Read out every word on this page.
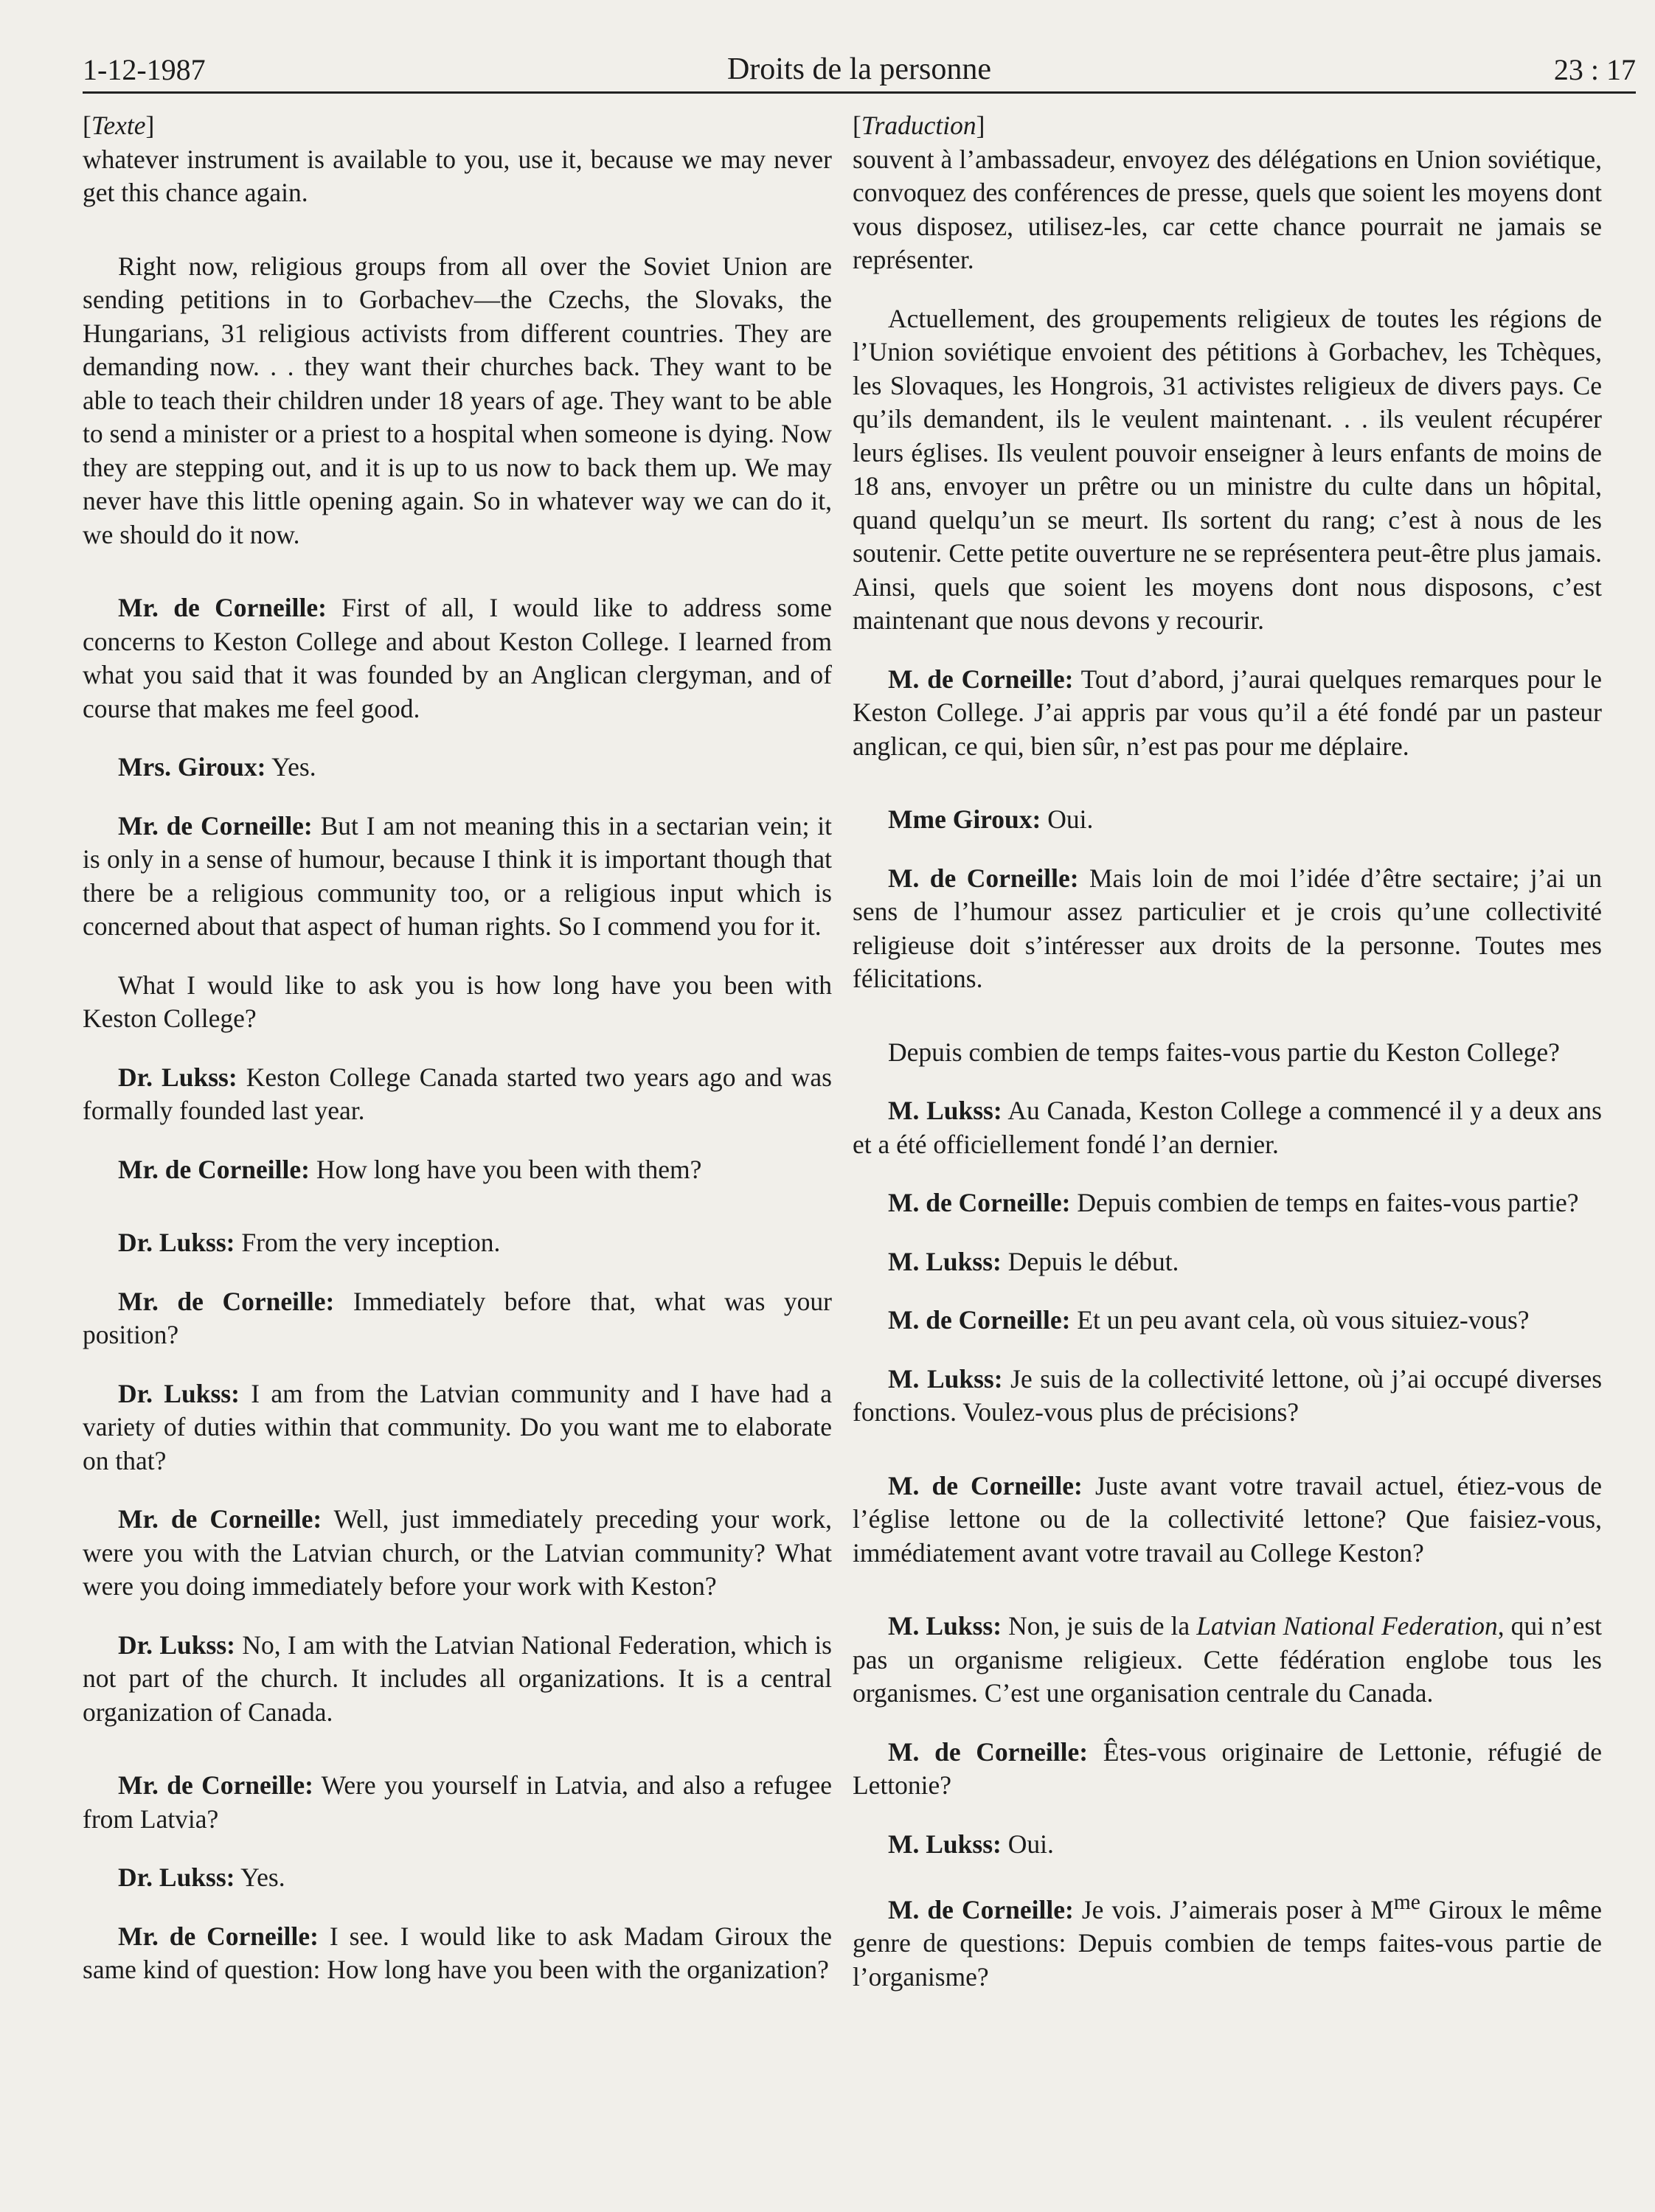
1-12-1987	Droits de la personne	23 : 17

[Texte]

whatever instrument is available to you, use it, because we may never get this chance again.

Right now, religious groups from all over the Soviet Union are sending petitions in to Gorbachev—the Czechs, the Slovaks, the Hungarians, 31 religious activists from different countries. They are demanding now. . . they want their churches back. They want to be able to teach their children under 18 years of age. They want to be able to send a minister or a priest to a hospital when someone is dying. Now they are stepping out, and it is up to us now to back them up. We may never have this little opening again. So in whatever way we can do it, we should do it now.

Mr. de Corneille: First of all, I would like to address some concerns to Keston College and about Keston College. I learned from what you said that it was founded by an Anglican clergyman, and of course that makes me feel good.

Mrs. Giroux: Yes.

Mr. de Corneille: But I am not meaning this in a sectarian vein; it is only in a sense of humour, because I think it is important though that there be a religious community too, or a religious input which is concerned about that aspect of human rights. So I commend you for it.

What I would like to ask you is how long have you been with Keston College?

Dr. Lukss: Keston College Canada started two years ago and was formally founded last year.

Mr. de Corneille: How long have you been with them?

Dr. Lukss: From the very inception.

Mr. de Corneille: Immediately before that, what was your position?

Dr. Lukss: I am from the Latvian community and I have had a variety of duties within that community. Do you want me to elaborate on that?

Mr. de Corneille: Well, just immediately preceding your work, were you with the Latvian church, or the Latvian community? What were you doing immediately before your work with Keston?

Dr. Lukss: No, I am with the Latvian National Federation, which is not part of the church. It includes all organizations. It is a central organization of Canada.

Mr. de Corneille: Were you yourself in Latvia, and also a refugee from Latvia?

Dr. Lukss: Yes.

Mr. de Corneille: I see. I would like to ask Madam Giroux the same kind of question: How long have you been with the organization?

[Traduction]

souvent à l’ambassadeur, envoyez des délégations en Union soviétique, convoquez des conférences de presse, quels que soient les moyens dont vous disposez, utilisez-les, car cette chance pourrait ne jamais se représenter.

Actuellement, des groupements religieux de toutes les régions de l’Union soviétique envoient des pétitions à Gorbachev, les Tchèques, les Slovaques, les Hongrois, 31 activistes religieux de divers pays. Ce qu’ils demandent, ils le veulent maintenant. . . ils veulent récupérer leurs églises. Ils veulent pouvoir enseigner à leurs enfants de moins de 18 ans, envoyer un prêtre ou un ministre du culte dans un hôpital, quand quelqu’un se meurt. Ils sortent du rang; c’est à nous de les soutenir. Cette petite ouverture ne se représentera peut-être plus jamais. Ainsi, quels que soient les moyens dont nous disposons, c’est maintenant que nous devons y recourir.

M. de Corneille: Tout d’abord, j’aurai quelques remarques pour le Keston College. J’ai appris par vous qu’il a été fondé par un pasteur anglican, ce qui, bien sûr, n’est pas pour me déplaire.

Mme Giroux: Oui.

M. de Corneille: Mais loin de moi l’idée d’être sectaire; j’ai un sens de l’humour assez particulier et je crois qu’une collectivité religieuse doit s’intéresser aux droits de la personne. Toutes mes félicitations.

Depuis combien de temps faites-vous partie du Keston College?

M. Lukss: Au Canada, Keston College a commencé il y a deux ans et a été officiellement fondé l’an dernier.

M. de Corneille: Depuis combien de temps en faites-vous partie?

M. Lukss: Depuis le début.

M. de Corneille: Et un peu avant cela, où vous situiez-vous?

M. Lukss: Je suis de la collectivité lettone, où j’ai occupé diverses fonctions. Voulez-vous plus de précisions?

M. de Corneille: Juste avant votre travail actuel, étiez-vous de l’église lettone ou de la collectivité lettone? Que faisiez-vous, immédiatement avant votre travail au College Keston?

M. Lukss: Non, je suis de la Latvian National Federation, qui n’est pas un organisme religieux. Cette fédération englobe tous les organismes. C’est une organisation centrale du Canada.

M. de Corneille: Êtes-vous originaire de Lettonie, réfugié de Lettonie?

M. Lukss: Oui.

M. de Corneille: Je vois. J’aimerais poser à $M^{me}$ Giroux le même genre de questions: Depuis combien de temps faites-vous partie de l’organisme?
